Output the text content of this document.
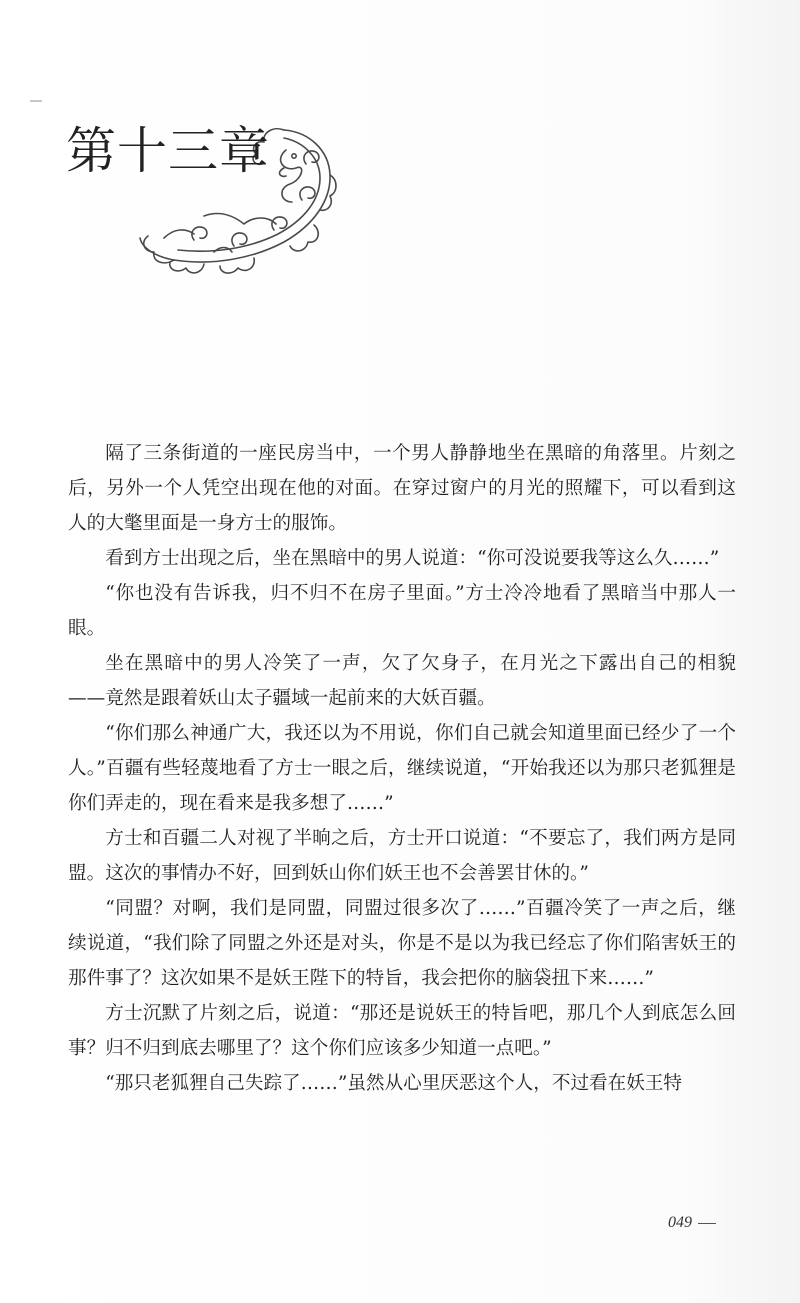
第十三章

隔了三条街道的一座民房当中，一个男人静静地坐在黑暗的角落里。片刻之后，另外一个人凭空出现在他的对面。在穿过窗户的月光的照耀下，可以看到这人的大氅里面是一身方士的服饰。

看到方士出现之后，坐在黑暗中的男人说道：“你可没说要我等这么久……”

“你也没有告诉我，归不归不在房子里面。”方士冷冷地看了黑暗当中那人一眼。

坐在黑暗中的男人冷笑了一声，欠了欠身子，在月光之下露出自己的相貌——竟然是跟着妖山太子疆域一起前来的大妖百疆。

“你们那么神通广大，我还以为不用说，你们自己就会知道里面已经少了一个人。”百疆有些轻蔑地看了方士一眼之后，继续说道，“开始我还以为那只老狐狸是你们弄走的，现在看来是我多想了……”

方士和百疆二人对视了半晌之后，方士开口说道：“不要忘了，我们两方是同盟。这次的事情办不好，回到妖山你们妖王也不会善罢甘休的。”

“同盟？对啊，我们是同盟，同盟过很多次了……”百疆冷笑了一声之后，继续说道，“我们除了同盟之外还是对头，你是不是以为我已经忘了你们陷害妖王的那件事了？这次如果不是妖王陛下的特旨，我会把你的脑袋扭下来……”

方士沉默了片刻之后，说道：“那还是说妖王的特旨吧，那几个人到底怎么回事？归不归到底去哪里了？这个你们应该多少知道一点吧。”

“那只老狐狸自己失踪了……”虽然从心里厌恶这个人，不过看在妖王特

049
